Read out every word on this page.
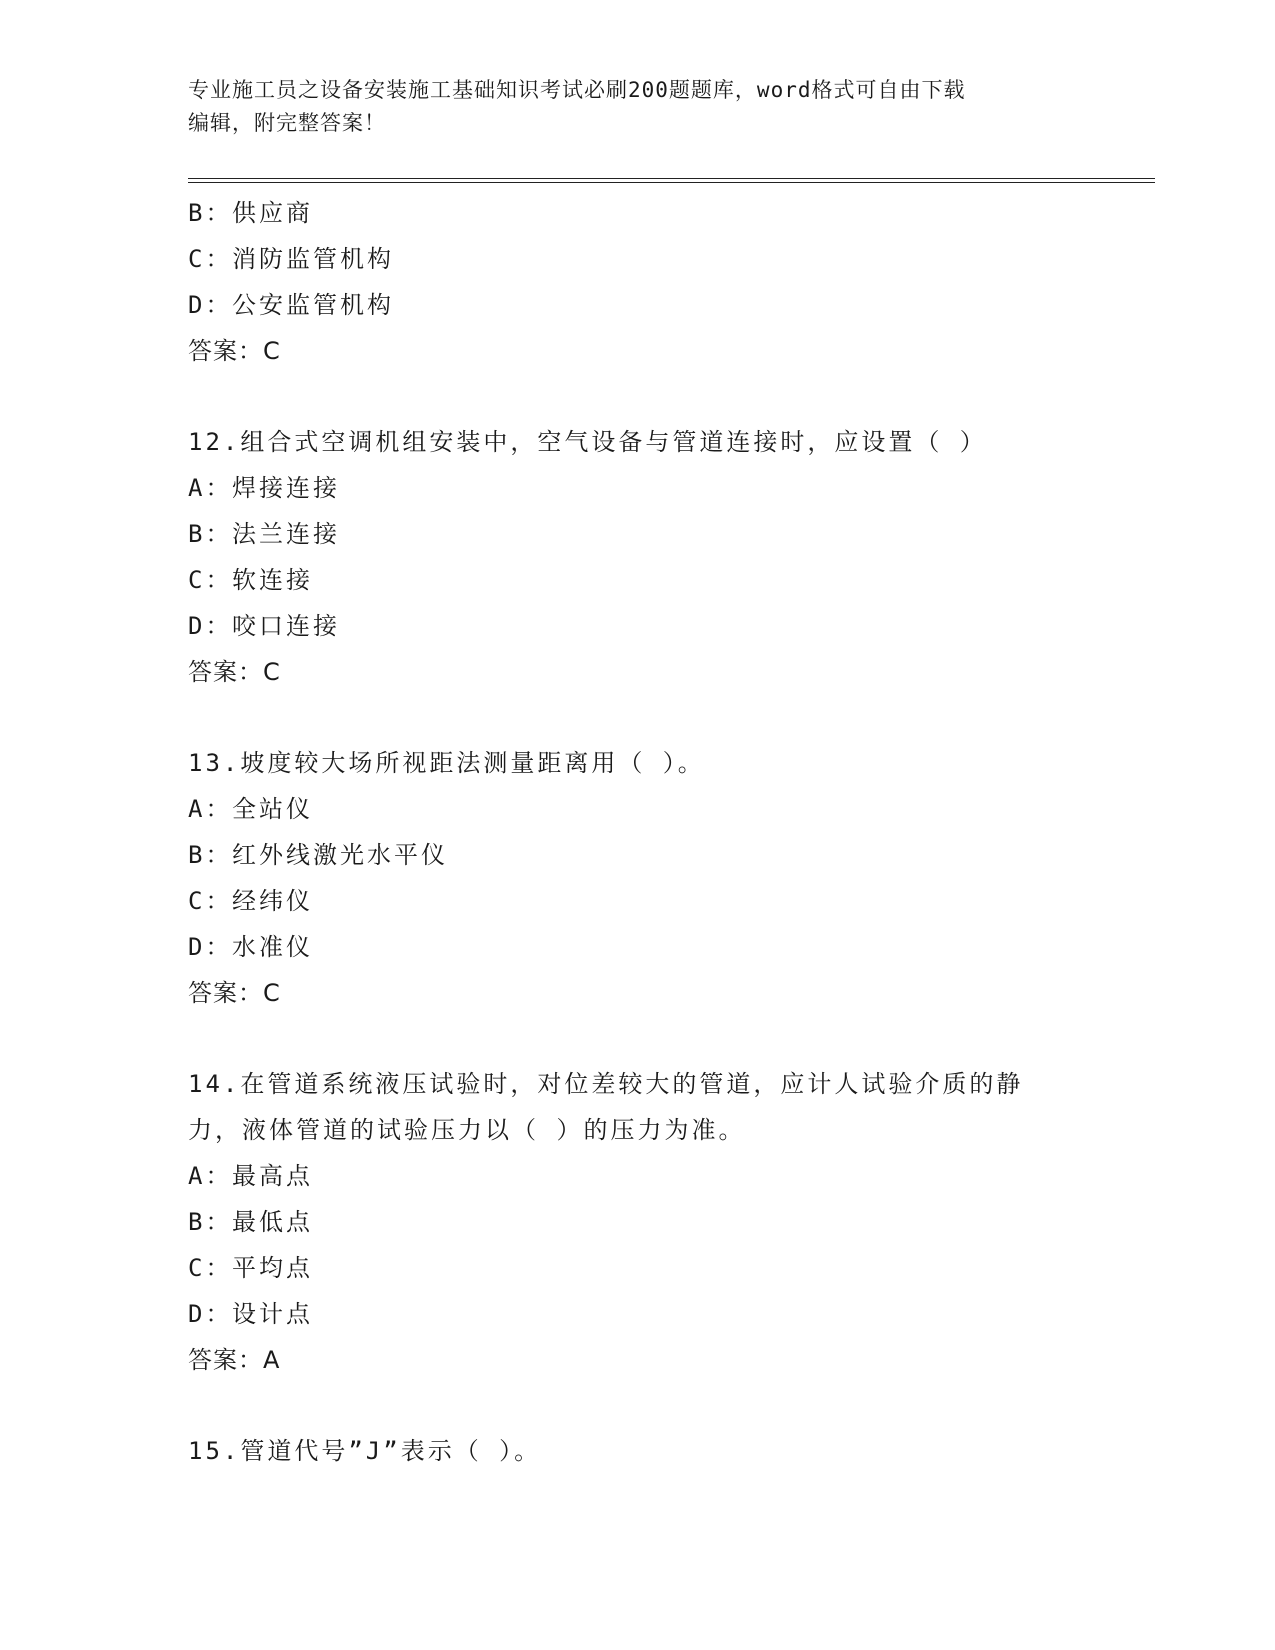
专业施工员之设备安装施工基础知识考试必刷200题题库，word格式可自由下载
编辑，附完整答案！
B：供应商
C：消防监管机构
D：公安监管机构
答案：C
12.组合式空调机组安装中，空气设备与管道连接时，应设置（ ）
A：焊接连接
B：法兰连接
C：软连接
D：咬口连接
答案：C
13.坡度较大场所视距法测量距离用（ ）。
A：全站仪
B：红外线激光水平仪
C：经纬仪
D：水准仪
答案：C
14.在管道系统液压试验时，对位差较大的管道，应计人试验介质的静
力，液体管道的试验压力以（ ）的压力为准。
A：最高点
B：最低点
C：平均点
D：设计点
答案：A
15.管道代号”J”表示（ ）。
